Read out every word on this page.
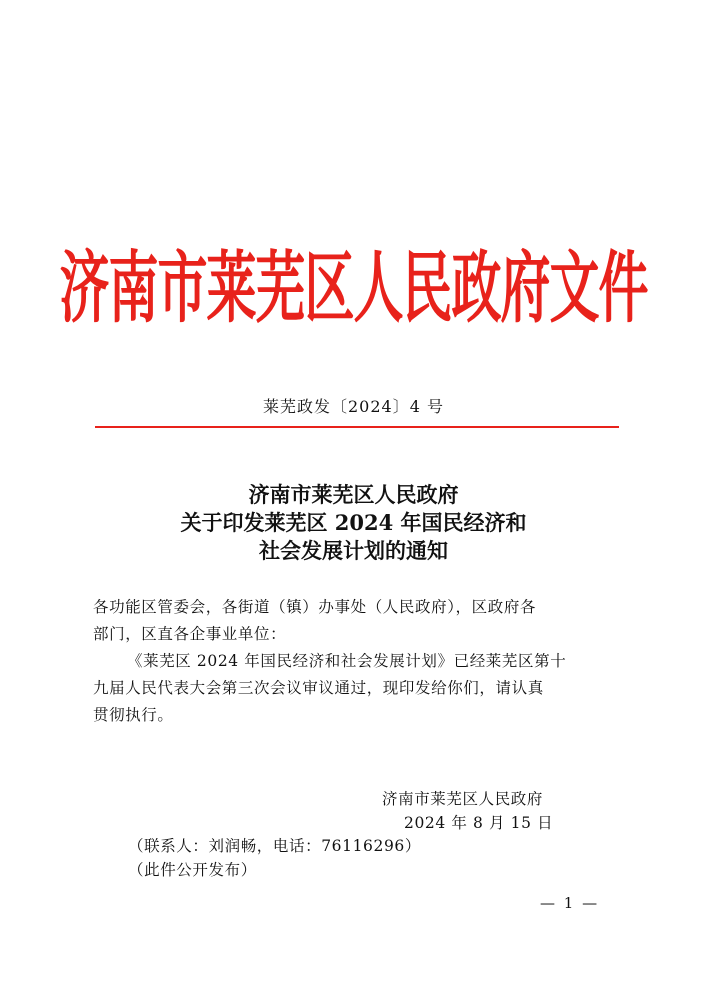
济南市莱芜区人民政府文件
莱芜政发〔2024〕4 号
济南市莱芜区人民政府
关于印发莱芜区 2024 年国民经济和
社会发展计划的通知
各功能区管委会，各街道（镇）办事处（人民政府），区政府各
部门，区直各企事业单位：
《莱芜区 2024 年国民经济和社会发展计划》已经莱芜区第十
九届人民代表大会第三次会议审议通过，现印发给你们，请认真
贯彻执行。
济南市莱芜区人民政府
2024 年 8 月 15 日
（联系人：刘润畅，电话：76116296）
（此件公开发布）
— 1 —
